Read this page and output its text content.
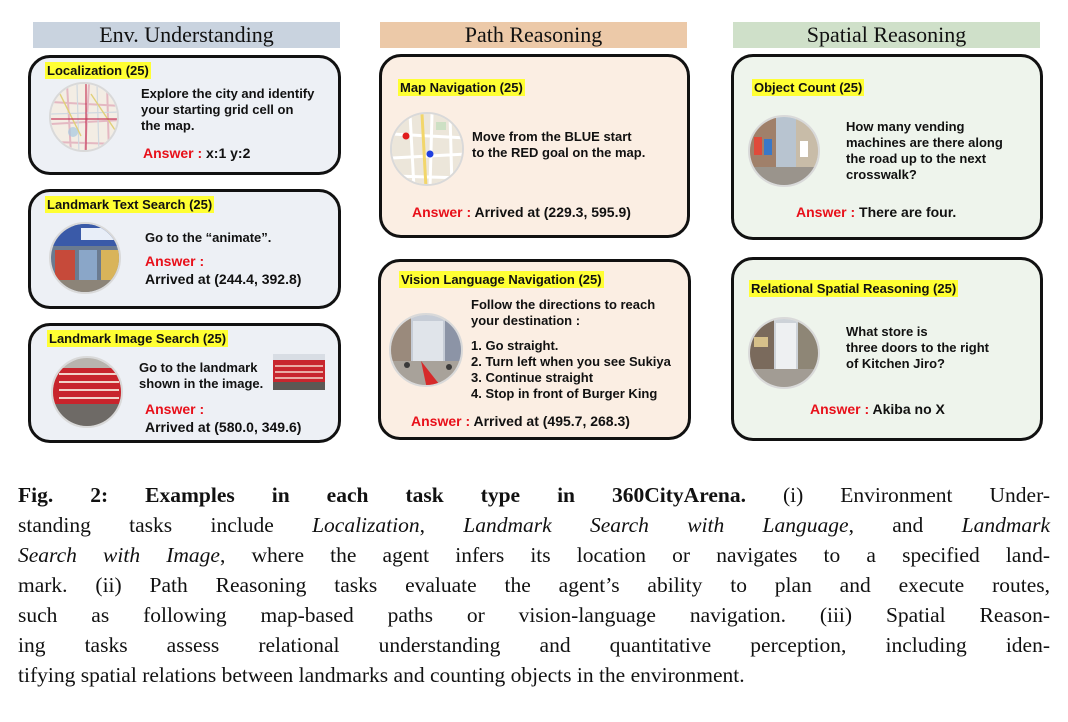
Env. Understanding	Path Reasoning	Spatial Reasoning
Localization (25)
Explore the city and identify
your starting grid cell on
the map.
Answer : x:1 y:2
Landmark Text Search (25)
Go to the “animate”.
Answer :
Arrived at (244.4, 392.8)
Landmark Image Search (25)
Go to the landmark
shown in the image.
Answer :
Arrived at (580.0, 349.6)
Map Navigation (25)
Move from the BLUE start
to the RED goal on the map.
Answer : Arrived at (229.3, 595.9)
Vision Language Navigation (25)
Follow the directions to reach
your destination :
1. Go straight.
2. Turn left when you see Sukiya
3. Continue straight
4. Stop in front of Burger King
Answer : Arrived at (495.7, 268.3)
Object Count (25)
How many vending
machines are there along
the road up to the next
crosswalk?
Answer : There are four.
Relational Spatial Reasoning (25)
What store is
three doors to the right
of Kitchen Jiro?
Answer : Akiba no X
Fig. 2: Examples in each task type in 360CityArena. (i) Environment Under-
standing tasks include Localization, Landmark Search with Language, and Landmark
Search with Image, where the agent infers its location or navigates to a specified land-
mark. (ii) Path Reasoning tasks evaluate the agent’s ability to plan and execute routes,
such as following map-based paths or vision-language navigation. (iii) Spatial Reason-
ing tasks assess relational understanding and quantitative perception, including iden-
tifying spatial relations between landmarks and counting objects in the environment.
